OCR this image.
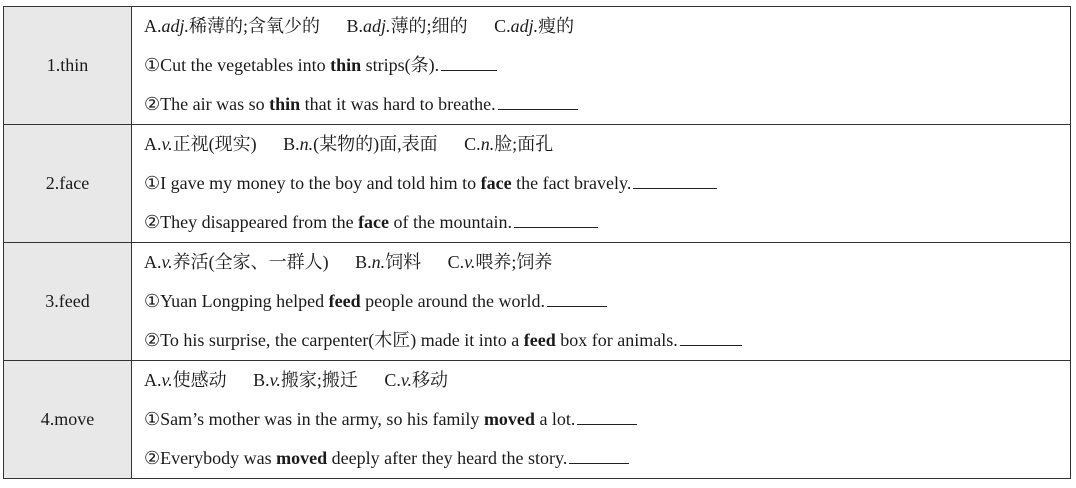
1.thin	A.adj.稀薄的;含氧少的 B.adj.薄的;细的 C.adj.瘦的
①Cut the vegetables into thin strips(条).
②The air was so thin that it was hard to breathe.

2.face	A.v.正视(现实) B.n.(某物的)面,表面 C.n.脸;面孔
①I gave my money to the boy and told him to face the fact bravely.
②They disappeared from the face of the mountain.

3.feed	A.v.养活(全家、一群人) B.n.饲料 C.v.喂养;饲养
①Yuan Longping helped feed people around the world.
②To his surprise, the carpenter(木匠) made it into a feed box for animals.

4.move	A.v.使感动 B.v.搬家;搬迁 C.v.移动
①Sam’s mother was in the army, so his family moved a lot.
②Everybody was moved deeply after they heard the story.
